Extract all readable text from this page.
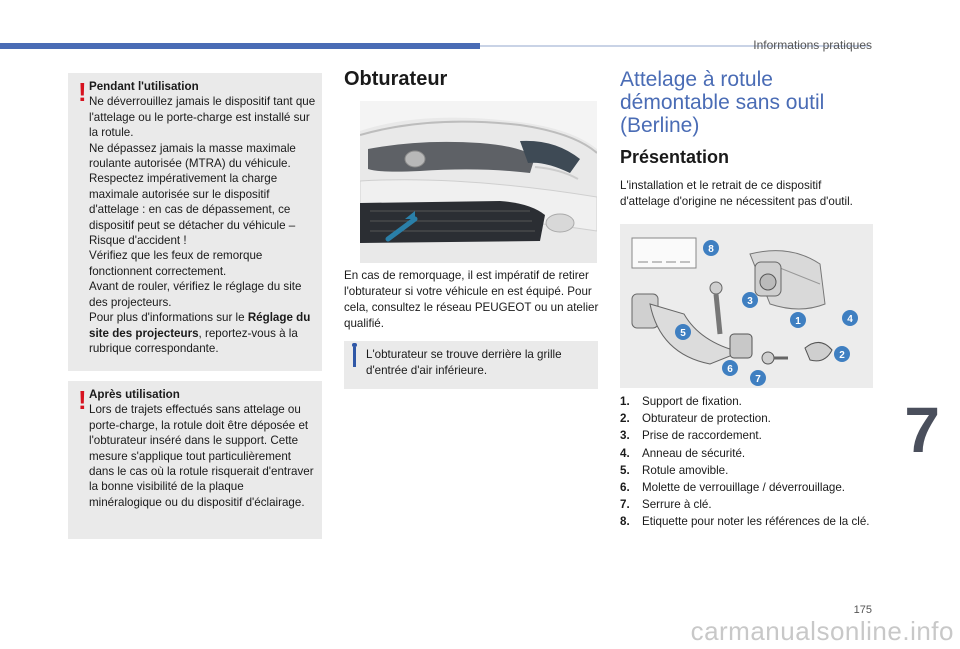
Informations pratiques
! Pendant l'utilisation

Ne déverrouillez jamais le dispositif tant que l'attelage ou le porte-charge est installé sur la rotule.

Ne dépassez jamais la masse maximale roulante autorisée (MTRA) du véhicule.

Respectez impérativement la charge maximale autorisée sur le dispositif d'attelage : en cas de dépassement, ce dispositif peut se détacher du véhicule – Risque d'accident !

Vérifiez que les feux de remorque fonctionnent correctement.

Avant de rouler, vérifiez le réglage du site des projecteurs.

Pour plus d'informations sur le Réglage du site des projecteurs, reportez-vous à la rubrique correspondante.

! Après utilisation

Lors de trajets effectués sans attelage ou porte-charge, la rotule doit être déposée et l'obturateur inséré dans le support. Cette mesure s'applique tout particulièrement dans le cas où la rotule risquerait d'entraver la bonne visibilité de la plaque minéralogique ou du dispositif d'éclairage.

Obturateur
En cas de remorquage, il est impératif de retirer l'obturateur si votre véhicule en est équipé. Pour cela, consultez le réseau PEUGEOT ou un atelier qualifié.
L'obturateur se trouve derrière la grille d'entrée d'air inférieure.
Attelage à rotule démontable sans outil (Berline)
Présentation
L'installation et le retrait de ce dispositif d'attelage d'origine ne nécessitent pas d'outil.
8
3
1	4
5
2
6
7
1. Support de fixation.
2. Obturateur de protection.
3. Prise de raccordement.
4. Anneau de sécurité.
5. Rotule amovible.
6. Molette de verrouillage / déverrouillage.
7. Serrure à clé.
8. Etiquette pour noter les références de la clé.
7
175
carmanualsonline.info
